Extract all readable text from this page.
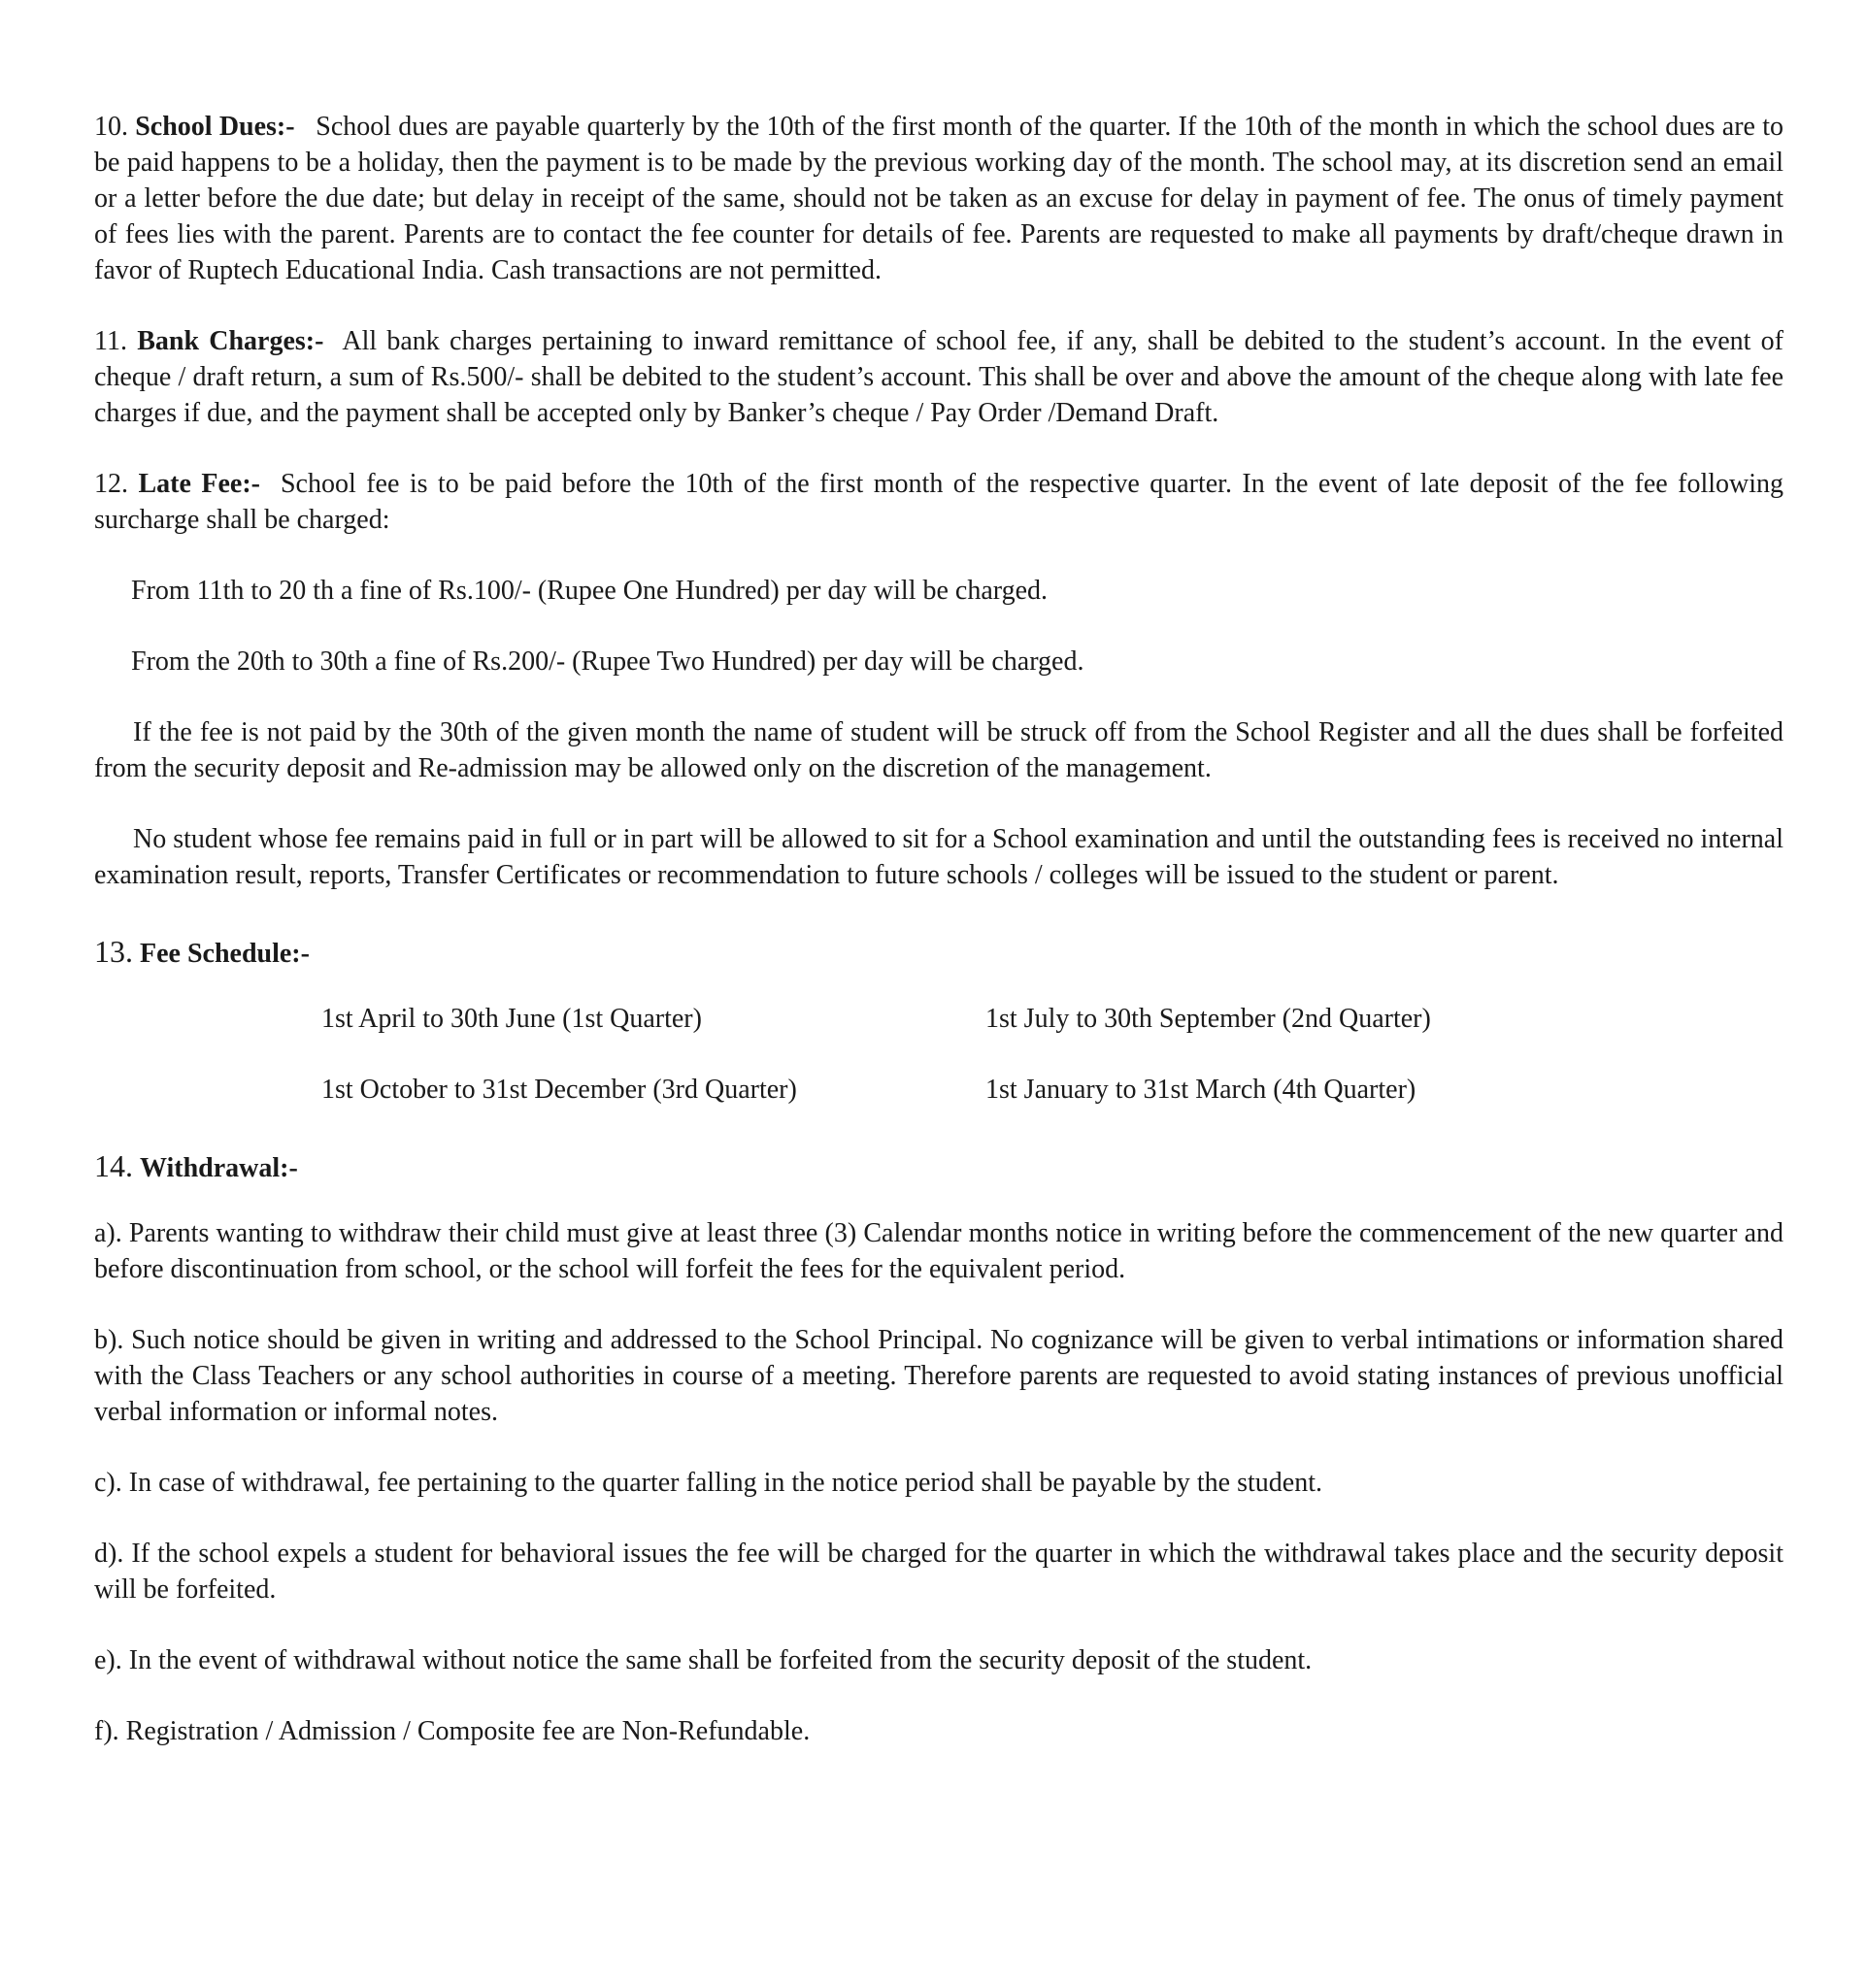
10. School Dues:- School dues are payable quarterly by the 10th of the first month of the quarter. If the 10th of the month in which the school dues are to be paid happens to be a holiday, then the payment is to be made by the previous working day of the month. The school may, at its discretion send an email or a letter before the due date; but delay in receipt of the same, should not be taken as an excuse for delay in payment of fee. The onus of timely payment of fees lies with the parent. Parents are to contact the fee counter for details of fee. Parents are requested to make all payments by draft/cheque drawn in favor of Ruptech Educational India. Cash transactions are not permitted.

11. Bank Charges:- All bank charges pertaining to inward remittance of school fee, if any, shall be debited to the student’s account. In the event of cheque / draft return, a sum of Rs.500/- shall be debited to the student’s account. This shall be over and above the amount of the cheque along with late fee charges if due, and the payment shall be accepted only by Banker’s cheque / Pay Order /Demand Draft.

12. Late Fee:- School fee is to be paid before the 10th of the first month of the respective quarter. In the event of late deposit of the fee following surcharge shall be charged:

From 11th to 20 th a fine of Rs.100/- (Rupee One Hundred) per day will be charged.

From the 20th to 30th a fine of Rs.200/- (Rupee Two Hundred) per day will be charged.

If the fee is not paid by the 30th of the given month the name of student will be struck off from the School Register and all the dues shall be forfeited from the security deposit and Re-admission may be allowed only on the discretion of the management.

No student whose fee remains paid in full or in part will be allowed to sit for a School examination and until the outstanding fees is received no internal examination result, reports, Transfer Certificates or recommendation to future schools / colleges will be issued to the student or parent.

13. Fee Schedule:-
1st April to 30th June (1st Quarter)	1st July to 30th September (2nd Quarter)
1st October to 31st December (3rd Quarter)	1st January to 31st March (4th Quarter)
14. Withdrawal:-

a). Parents wanting to withdraw their child must give at least three (3) Calendar months notice in writing before the commencement of the new quarter and before discontinuation from school, or the school will forfeit the fees for the equivalent period.

b). Such notice should be given in writing and addressed to the School Principal. No cognizance will be given to verbal intimations or information shared with the Class Teachers or any school authorities in course of a meeting. Therefore parents are requested to avoid stating instances of previous unofficial verbal information or informal notes.

c). In case of withdrawal, fee pertaining to the quarter falling in the notice period shall be payable by the student.

d). If the school expels a student for behavioral issues the fee will be charged for the quarter in which the withdrawal takes place and the security deposit will be forfeited.

e). In the event of withdrawal without notice the same shall be forfeited from the security deposit of the student.

f). Registration / Admission / Composite fee are Non-Refundable.
